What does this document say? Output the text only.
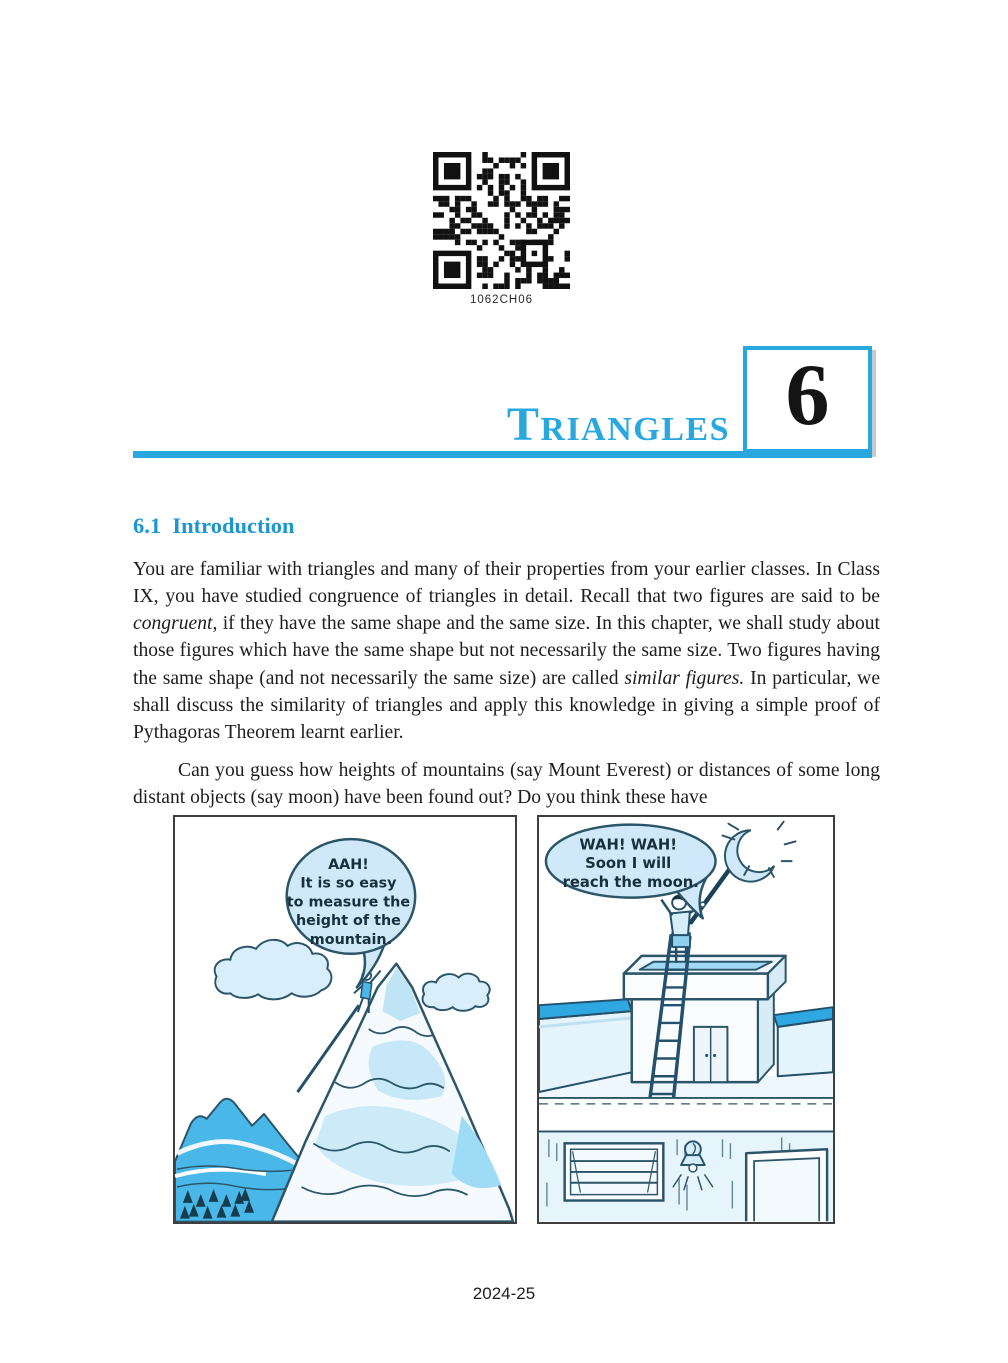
1062CH06
TRIANGLES 6
6.1  Introduction

You are familiar with triangles and many of their properties from your earlier classes. In Class IX, you have studied congruence of triangles in detail. Recall that two figures are said to be congruent, if they have the same shape and the same size. In this chapter, we shall study about those figures which have the same shape but not necessarily the same size. Two figures having the same shape (and not necessarily the same size) are called similar figures. In particular, we shall discuss the similarity of triangles and apply this knowledge in giving a simple proof of Pythagoras Theorem learnt earlier.

Can you guess how heights of mountains (say Mount Everest) or distances of some long distant objects (say moon) have been found out? Do you think these have

AAH! It is so easy to measure the height of the mountain.
WAH! WAH! Soon I will reach the moon.
2024-25
